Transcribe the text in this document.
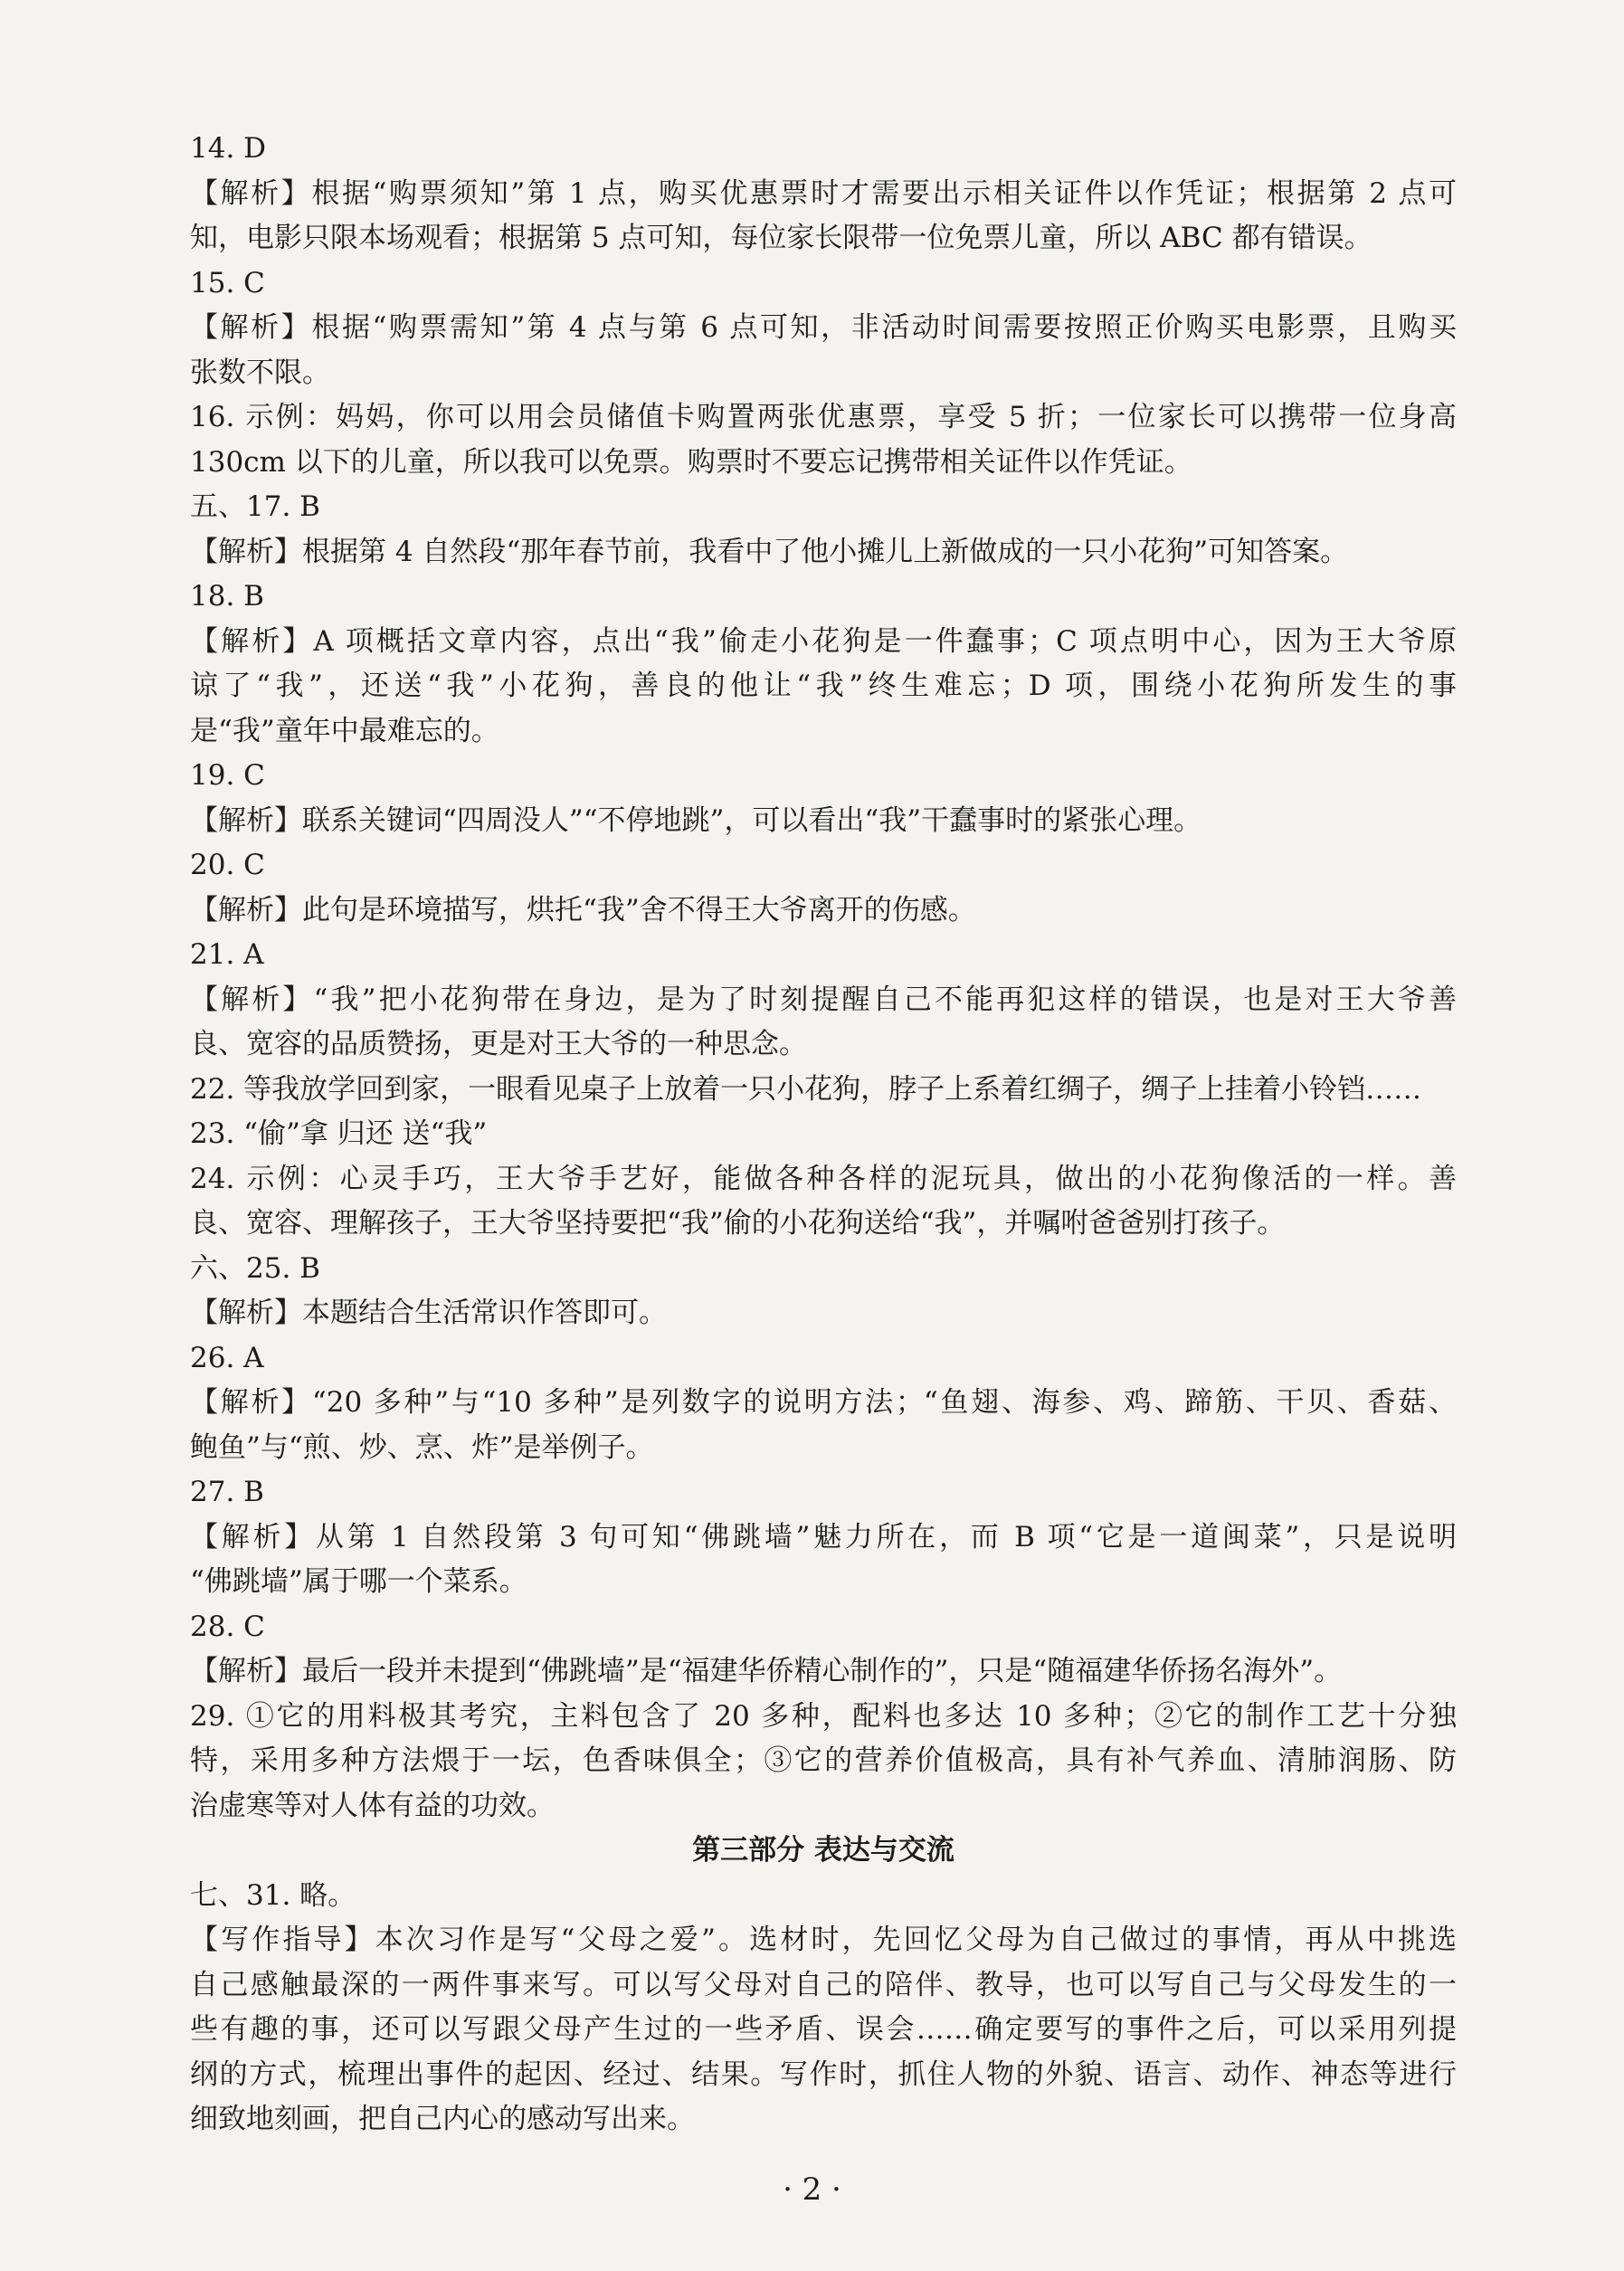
14. D
【解析】根据“购票须知”第 1 点，购买优惠票时才需要出示相关证件以作凭证；根据第 2 点可
知，电影只限本场观看；根据第 5 点可知，每位家长限带一位免票儿童，所以 ABC 都有错误。
15. C
【解析】根据“购票需知”第 4 点与第 6 点可知，非活动时间需要按照正价购买电影票，且购买
张数不限。
16. 示例：妈妈，你可以用会员储值卡购置两张优惠票，享受 5 折；一位家长可以携带一位身高
130cm 以下的儿童，所以我可以免票。购票时不要忘记携带相关证件以作凭证。
五、17. B
【解析】根据第 4 自然段“那年春节前，我看中了他小摊儿上新做成的一只小花狗”可知答案。
18. B
【解析】A 项概括文章内容，点出“我”偷走小花狗是一件蠢事；C 项点明中心，因为王大爷原
谅了“我”，还送“我”小花狗，善良的他让“我”终生难忘；D 项，围绕小花狗所发生的事
是“我”童年中最难忘的。
19. C
【解析】联系关键词“四周没人”“不停地跳”，可以看出“我”干蠢事时的紧张心理。
20. C
【解析】此句是环境描写，烘托“我”舍不得王大爷离开的伤感。
21. A
【解析】“我”把小花狗带在身边，是为了时刻提醒自己不能再犯这样的错误，也是对王大爷善
良、宽容的品质赞扬，更是对王大爷的一种思念。
22. 等我放学回到家，一眼看见桌子上放着一只小花狗，脖子上系着红绸子，绸子上挂着小铃铛……
23. “偷”拿 归还 送“我”
24. 示例：心灵手巧，王大爷手艺好，能做各种各样的泥玩具，做出的小花狗像活的一样。善
良、宽容、理解孩子，王大爷坚持要把“我”偷的小花狗送给“我”，并嘱咐爸爸别打孩子。
六、25. B
【解析】本题结合生活常识作答即可。
26. A
【解析】“20 多种”与“10 多种”是列数字的说明方法；“鱼翅、海参、鸡、蹄筋、干贝、香菇、
鲍鱼”与“煎、炒、烹、炸”是举例子。
27. B
【解析】从第 1 自然段第 3 句可知“佛跳墙”魅力所在，而 B 项“它是一道闽菜”，只是说明
“佛跳墙”属于哪一个菜系。
28. C
【解析】最后一段并未提到“佛跳墙”是“福建华侨精心制作的”，只是“随福建华侨扬名海外”。
29. ①它的用料极其考究，主料包含了 20 多种，配料也多达 10 多种；②它的制作工艺十分独
特，采用多种方法煨于一坛，色香味俱全；③它的营养价值极高，具有补气养血、清肺润肠、防
治虚寒等对人体有益的功效。
第三部分 表达与交流
七、31. 略。
【写作指导】本次习作是写“父母之爱”。选材时，先回忆父母为自己做过的事情，再从中挑选
自己感触最深的一两件事来写。可以写父母对自己的陪伴、教导，也可以写自己与父母发生的一
些有趣的事，还可以写跟父母产生过的一些矛盾、误会……确定要写的事件之后，可以采用列提
纲的方式，梳理出事件的起因、经过、结果。写作时，抓住人物的外貌、语言、动作、神态等进行
细致地刻画，把自己内心的感动写出来。
· 2 ·
